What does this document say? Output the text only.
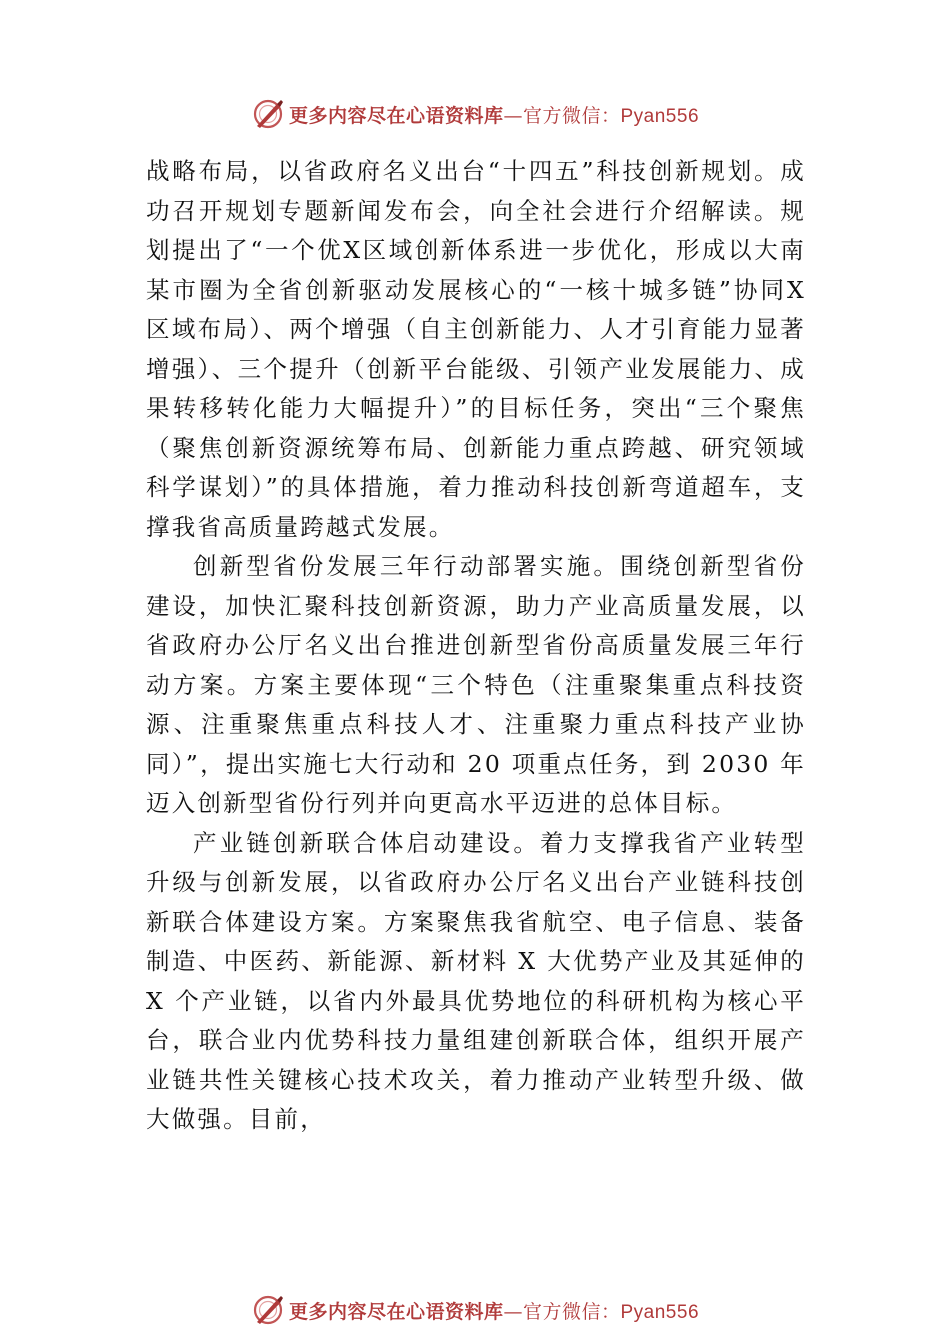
更多内容尽在心语资料库—官方微信：Pyan556

战略布局，以省政府名义出台“十四五”科技创新规划。成功召开规划专题新闻发布会，向全社会进行介绍解读。规划提出了“一个优X区域创新体系进一步优化，形成以大南某市圈为全省创新驱动发展核心的“一核十城多链”协同X区域布局）、两个增强（自主创新能力、人才引育能力显著增强）、三个提升（创新平台能级、引领产业发展能力、成果转移转化能力大幅提升）”的目标任务，突出“三个聚焦（聚焦创新资源统筹布局、创新能力重点跨越、研究领域科学谋划）”的具体措施，着力推动科技创新弯道超车，支撑我省高质量跨越式发展。

创新型省份发展三年行动部署实施。围绕创新型省份建设，加快汇聚科技创新资源，助力产业高质量发展，以省政府办公厅名义出台推进创新型省份高质量发展三年行动方案。方案主要体现“三个特色（注重聚集重点科技资源、注重聚焦重点科技人才、注重聚力重点科技产业协同）”，提出实施七大行动和 20 项重点任务，到 2030 年迈入创新型省份行列并向更高水平迈进的总体目标。

产业链创新联合体启动建设。着力支撑我省产业转型升级与创新发展，以省政府办公厅名义出台产业链科技创新联合体建设方案。方案聚焦我省航空、电子信息、装备制造、中医药、新能源、新材料 X 大优势产业及其延伸的 X 个产业链，以省内外最具优势地位的科研机构为核心平台，联合业内优势科技力量组建创新联合体，组织开展产业链共性关键核心技术攻关，着力推动产业转型升级、做大做强。目前，

更多内容尽在心语资料库—官方微信：Pyan556
